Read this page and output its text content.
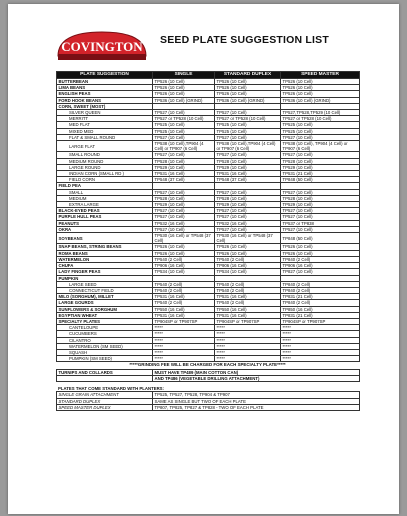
COVINGTON SEED PLATE SUGGESTION LIST
PLATE SUGGESTION	SINGLE	STANDARD DUPLEX	SPEED MASTER
BUTTERBEAN	TP526 (10 Cell)	TP526 (10 Cell)	TP526 (10 Cell)
LIMA BEANS	TP526 (10 Cell)	TP526 (10 Cell)	TP526 (10 Cell)
ENGLISH PEAS	TP526 (10 Cell)	TP526 (10 Cell)	TP526 (10 Cell)
FORD HOOK BEANS	TP536 (10 Cell) (GRIND)	TP536 (10 Cell) (GRIND)	TP536 (10 Cell) (GRIND)
CORN, SWEET (MOST)			
SILVER QUEEN	TP527 (10 Cell)	TP527 (10 Cell)	TP527,TP528,TP529 (10 Cell)
MERRITT	TP527 or TP528 (10 Cell)	TP527 or TP528 (10 Cell)	TP527 or TP528 (10 Cell)
MED FLAT	TP525 (10 Cell)	TP525 (10 Cell)	TP525 (10 Cell)
MIXED MED	TP525 (10 Cell)	TP525 (10 Cell)	TP525 (10 Cell)
FLAT & SMALL ROUND	TP527 (10 Cell)	TP527 (10 Cell)	TP527 (10 Cell)
LARGE FLAT	TP538 (10 Cell),TP904 (4 Cell) or TP907 (6 Cell)	TP538 (10 Cell),TP904 (4 Cell) or TP907 (6 Cell)	TP538 (10 Cell), TP904 (4 Cell) or TP907 (6 Cell)
SMALL ROUND	TP527 (10 Cell)	TP527 (10 Cell)	TP527 (10 Cell)
MEDIUM ROUND	TP528 (10 Cell)	TP528 (10 Cell)	TP528 (10 Cell)
LARGE ROUND	TP529 (10 Cell)	TP529 (10 Cell)	TP529 (10 Cell)
INDIAN CORN (SMALL RD )	TP531 (16 Cell)	TP531 (16 Cell)	TP531 (21 Cell)
FIELD CORN	TP548 (37 Cell)	TP548 (37 Cell)	TP848 (50 Cell)
FIELD PEA			
SMALL	TP527 (10 Cell)	TP527 (10 Cell)	TP527 (10 Cell)
MEDIUM	TP528 (10 Cell)	TP528 (10 Cell)	TP528 (10 Cell)
EXTRA LARGE	TP529 (10 Cell)	TP529 (10 Cell)	TP529 (10 Cell)
BLACK-EYED PEAS	TP527 (10 Cell)	TP527 (10 Cell)	TP527 (10 Cell)
PURPLE HULL PEAS	TP527 (10 Cell)	TP527 (10 Cell)	TP527 (10 Cell)
PEANUTS	TP532 (16 Cell)	TP532 (16 Cell)	TP537 or TP838
OKRA	TP527 (10 Cell)	TP527 (10 Cell)	TP527 (10 Cell)
SOYBEANS	TP530 (16 Cell) or TP548 (37 Cell)	TP530 (16 Cell) or TP548 (37 Cell)	TP848 (50 Cell)
SNAP BEANS, STRING BEANS	TP526 (10 Cell)	TP526 (10 Cell)	TP526 (10 Cell)
ROMA BEANS	TP526 (10 Cell)	TP526 (10 Cell)	TP526 (10 Cell)
WATERMELON	TP540 (2 Cell)	TP540 (2 Cell)	TP840 (2 Cell)
CHUFA	TP906 (16 Cell)	TP906 (16 Cell)	TP906 (16 Cell)
LADY FINGER PEAS	TP534 (10 Cell)	TP534 (10 Cell)	TP827 (10 Cell)
PUMPKIN			
LARGE SEED	TP540 (2 Cell)	TP540 (2 Cell)	TP840 (2 Cell)
CONNECTICUT FIELD	TP540 (2 Cell)	TP540 (2 Cell)	TP840 (2 Cell)
MILO (SORGHUM), MILLET	TP531 (16 Cell)	TP531 (16 Cell)	TP831 (21 Cell)
LARGE GOURDS	TP540 (2 Cell)	TP540 (2 Cell)	TP840 (2 Cell)
SUNFLOWERS & SORGHUM	TP550 (16 Cell)	TP550 (16 Cell)	TP850 (16 Cell)
EGYPTIAN WHEAT	TP531 (16 Cell)	TP531 (16 Cell)	TP831 (21 Cell)
SPECIALTY PLATES	TP904SP or TP907SP	TP904SP or TP907SP	TP904SP or TP907SP
CANTELOUPE	*****	*****	*****
CUCUMBERS	*****	*****	*****
CILANTRO	*****	*****	*****
WATERMELON (SM SEED)	*****	*****	*****
SQUASH	*****	*****	*****
PUMPKIN (SM SEED)	*****	*****	*****
*****GRINDING FEE WILL BE CHARGED FOR EACH SPECIALTY PLATE*****
TURNIPS AND COLLARDS	MUST HAVE TP489 (MAIN COTTON CAN)
	AND TP486 (VEGETABLE DRILLING ATTACHMENT)
PLATES THAT COME STANDARD WITH PLANTERS:	
SINGLE GRAIN ATTACHMENT	TP525, TP527, TP528, TP904 & TP907
STANDARD DUPLEX	SAME AS SINGLE BUT TWO OF EACH PLATE
SPEED MASTER DUPLEX	TP807, TP825, TP827 & TP828 - TWO OF EACH PLATE
